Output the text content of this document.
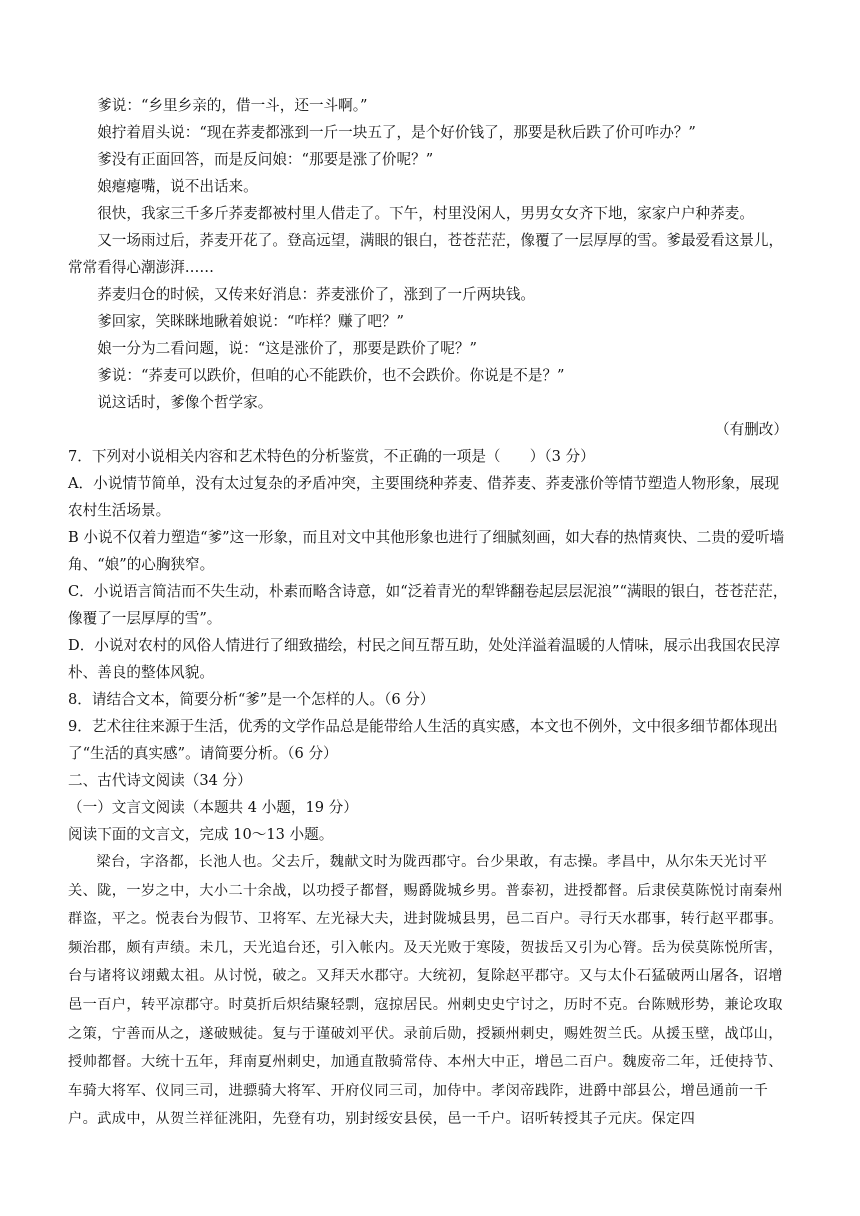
爹说：“乡里乡亲的，借一斗，还一斗啊。”

娘拧着眉头说：“现在荞麦都涨到一斤一块五了，是个好价钱了，那要是秋后跌了价可咋办？”

爹没有正面回答，而是反问娘：“那要是涨了价呢？”

娘瘪瘪嘴，说不出话来。

很快，我家三千多斤荞麦都被村里人借走了。下午，村里没闲人，男男女女齐下地，家家户户种荞麦。

又一场雨过后，荞麦开花了。登高远望，满眼的银白，苍苍茫茫，像覆了一层厚厚的雪。爹最爱看这景儿，常常看得心潮澎湃……

荞麦归仓的时候，又传来好消息：荞麦涨价了，涨到了一斤两块钱。

爹回家，笑眯眯地瞅着娘说：“咋样？赚了吧？”

娘一分为二看问题，说：“这是涨价了，那要是跌价了呢？”

爹说：“荞麦可以跌价，但咱的心不能跌价，也不会跌价。你说是不是？”

说这话时，爹像个哲学家。

（有删改）

7．下列对小说相关内容和艺术特色的分析鉴赏，不正确的一项是（　　）（3 分）

A．小说情节简单，没有太过复杂的矛盾冲突，主要围绕种荞麦、借荞麦、荞麦涨价等情节塑造人物形象，展现农村生活场景。

B 小说不仅着力塑造“爹”这一形象，而且对文中其他形象也进行了细腻刻画，如大春的热情爽快、二贵的爱听墙角、“娘”的心胸狭窄。

C．小说语言简洁而不失生动，朴素而略含诗意，如“泛着青光的犁铧翻卷起层层泥浪”“满眼的银白，苍苍茫茫，像覆了一层厚厚的雪”。

D．小说对农村的风俗人情进行了细致描绘，村民之间互帮互助，处处洋溢着温暖的人情味，展示出我国农民淳朴、善良的整体风貌。

8．请结合文本，简要分析“爹”是一个怎样的人。（6 分）

9．艺术往往来源于生活，优秀的文学作品总是能带给人生活的真实感，本文也不例外，文中很多细节都体现出了“生活的真实感”。请简要分析。（6 分）

二、古代诗文阅读（34 分）

（一）文言文阅读（本题共 4 小题，19 分）

阅读下面的文言文，完成 10～13 小题。

梁台，字洛都，长池人也。父去斤，魏献文时为陇西郡守。台少果敢，有志操。孝昌中，从尔朱天光讨平关、陇，一岁之中，大小二十余战，以功授子都督，赐爵陇城乡男。普泰初，进授都督。后隶侯莫陈悦讨南秦州群盗，平之。悦表台为假节、卫将军、左光禄大夫，进封陇城县男，邑二百户。寻行天水郡事，转行赵平郡事。频治郡，颇有声绩。未几，天光追台还，引入帐内。及天光败于寒陵，贺拔岳又引为心膂。岳为侯莫陈悦所害，台与诸将议翊戴太祖。从讨悦，破之。又拜天水郡守。大统初，复除赵平郡守。又与太仆石猛破两山屠各，诏增邑一百户，转平凉郡守。时莫折后炽结聚轻剽，寇掠居民。州刺史史宁讨之，历时不克。台陈贼形势，兼论攻取之策，宁善而从之，遂破贼徒。复与于谨破刘平伏。录前后勋，授颍州刺史，赐姓贺兰氏。从援玉壁，战邙山，授帅都督。大统十五年，拜南夏州刺史，加通直散骑常侍、本州大中正，增邑二百户。魏废帝二年，迁使持节、车骑大将军、仪同三司，进骠骑大将军、开府仪同三司，加侍中。孝闵帝践阼，进爵中部县公，增邑通前一千户。武成中，从贺兰祥征洮阳，先登有功，别封绥安县侯，邑一千户。诏听转授其子元庆。保定四
